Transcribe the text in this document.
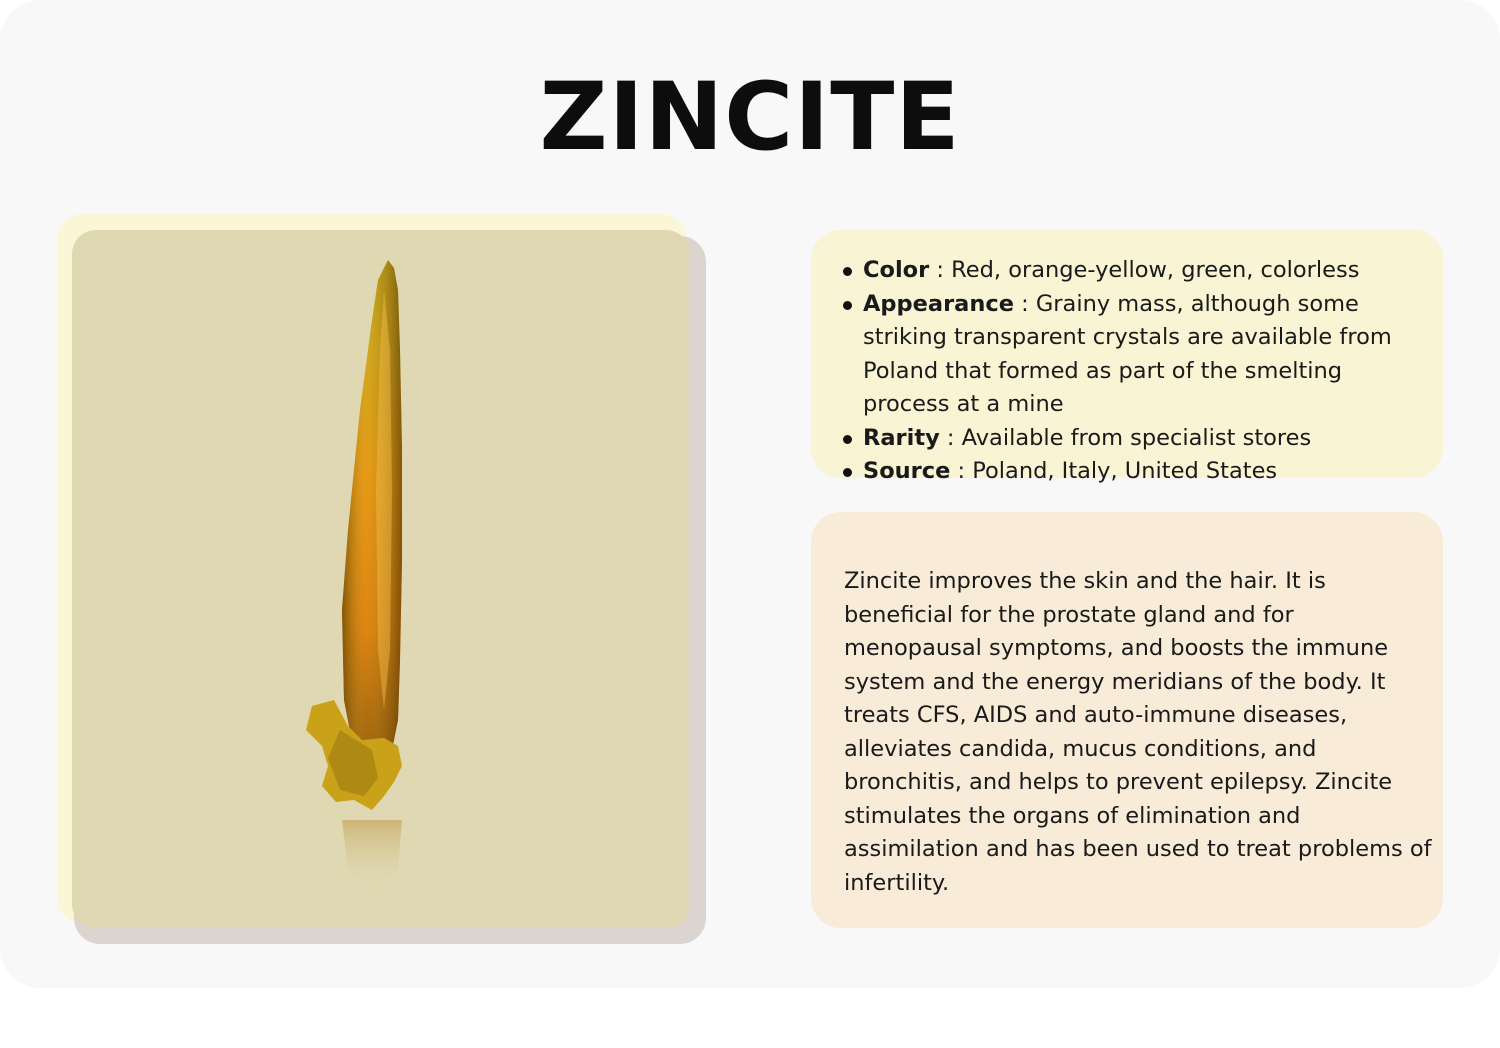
ZINCITE
Color : Red, orange-yellow, green, colorless
Appearance : Grainy mass, although some striking transparent crystals are available from Poland that formed as part of the smelting process at a mine
Rarity : Available from specialist stores
Source : Poland, Italy, United States

Zincite improves the skin and the hair. It is beneficial for the prostate gland and for menopausal symptoms, and boosts the immune system and the energy meridians of the body. It treats CFS, AIDS and auto-immune diseases, alleviates candida, mucus conditions, and bronchitis, and helps to prevent epilepsy. Zincite stimulates the organs of elimination and assimilation and has been used to treat problems of infertility.
